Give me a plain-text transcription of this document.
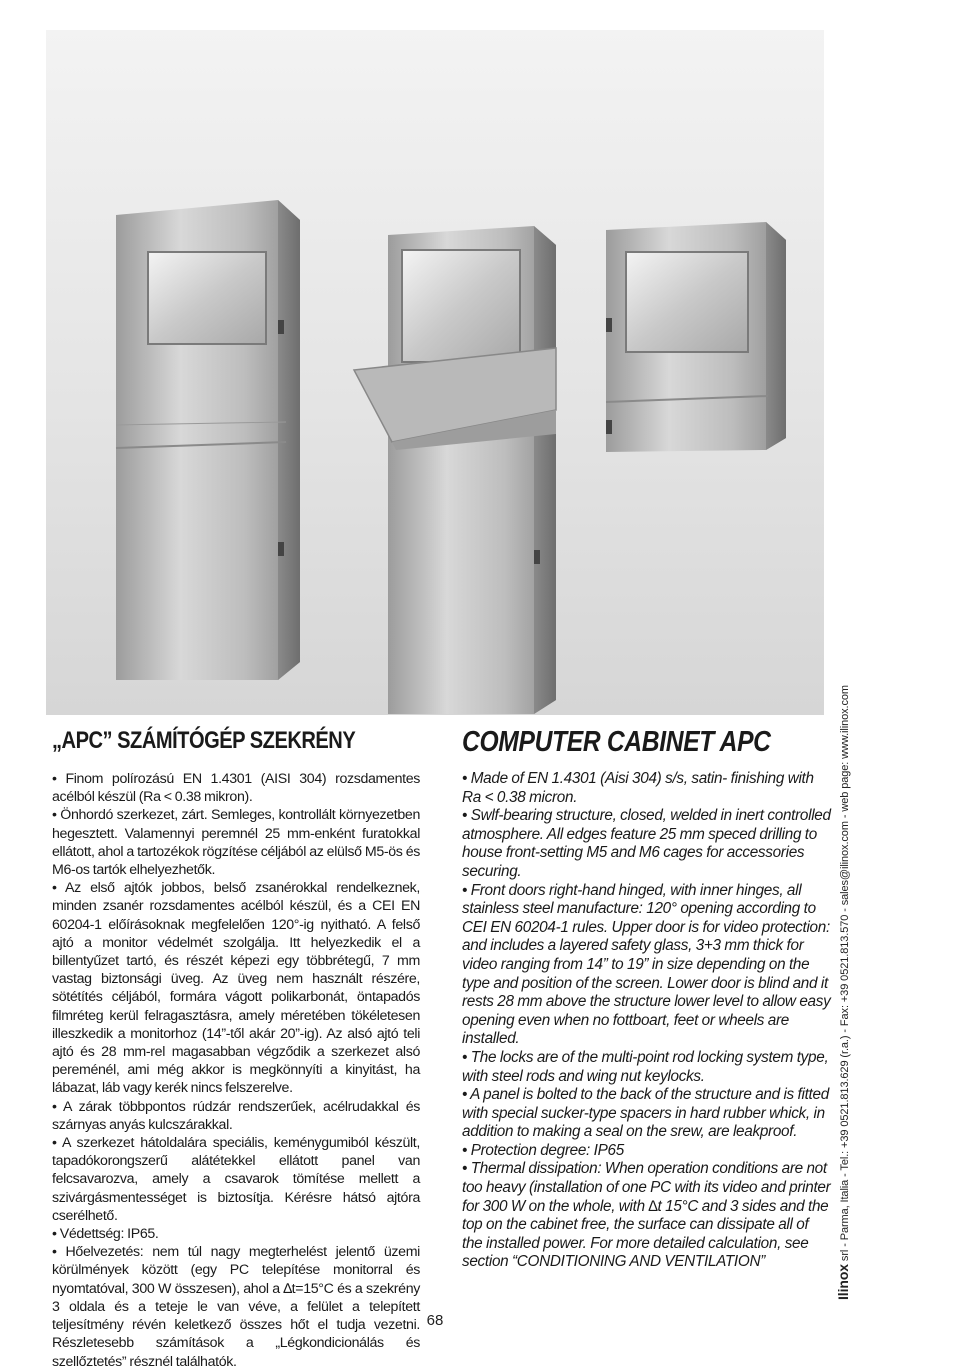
„APC” SZÁMÍTÓGÉP SZEKRÉNY

• Finom polírozású EN 1.4301 (AISI 304) rozsdamentes acélból készül (Ra < 0.38 mikron).

• Önhordó szerkezet, zárt. Semleges, kontrollált környezetben hegesztett. Valamennyi peremnél 25 mm-enként furatokkal ellátott, ahol a tartozékok rögzítése céljából az elülső M5-ös és M6-os tartók elhelyezhetők.

• Az első ajtók jobbos, belső zsanérokkal rendelkeznek, minden zsanér rozsdamentes acélból készül, és a CEI EN 60204-1 előírásoknak megfelelően 120°-ig nyitható. A felső ajtó a monitor védelmét szolgálja. Itt helyezkedik el a billentyűzet tartó, és részét képezi egy többrétegű, 7 mm vastag biztonsági üveg. Az üveg nem használt részére, sötétítés céljából, formára vágott polikarbonát, öntapadós filmréteg kerül felragasztásra, amely méretében tökéletesen illeszkedik a monitorhoz (14”-től akár 20”-ig). Az alsó ajtó teli ajtó és 28 mm-rel magasabban végződik a szerkezet alsó pereménél, ami még akkor is megkönnyíti a kinyitást, ha lábazat, láb vagy kerék nincs felszerelve.

• A zárak többpontos rúdzár rendszerűek, acélrudakkal és szárnyas anyás kulcszárakkal.

• A szerkezet hátoldalára speciális, keménygumiból készült, tapadókorongszerű alátétekkel ellátott panel van felcsavarozva, amely a csavarok tömítése mellett a szivárgásmentességet is biztosítja. Kérésre hátsó ajtóra cserélhető.

• Védettség: IP65.

• Hőelvezetés: nem túl nagy megterhelést jelentő üzemi körülmények között (egy PC telepítése monitorral és nyomtatóval, 300 W összesen), ahol a ∆t=15°C és a szekrény 3 oldala és a teteje le van véve, a felület a telepített teljesítmény révén keletkező összes hőt el tudja vezetni. Részletesebb számítások a „Légkondicionálás és szellőztetés” résznél találhatók.

COMPUTER CABINET APC

• Made of EN 1.4301 (Aisi 304) s/s, satin- finishing with Ra < 0.38 micron.

• Swlf-bearing structure, closed, welded in inert controlled atmosphere. All edges feature 25 mm speced drilling to house front-setting M5 and M6 cages for accessories securing.

• Front doors right-hand hinged, with inner hinges, all stainless steel manufacture: 120° opening according to CEI EN 60204-1 rules. Upper door is for video protection: and includes a layered safety glass, 3+3 mm thick for video ranging from 14” to 19” in size depending on the type and position of the screen. Lower door is blind and it rests 28 mm above the structure lower level to allow easy opening even when no fottboart, feet or wheels are installed.

• The locks are of the multi-point rod locking system type, with steel rods and wing nut keylocks.

• A panel is bolted to the back of the structure and is fitted with special sucker-type spacers in hard rubber whick, in addition to making a seal on the srew, are leakproof.

• Protection degree: IP65

• Thermal dissipation: When operation conditions are not too heavy (installation of one PC with its video and printer for 300 W on the whole, with ∆t 15°C and 3 sides and the top on the cabinet free, the surface can dissipate all of the installed power. For more detailed calculation, see section “CONDITIONING AND VENTILATION”

Ilinox srl - Parma, Italia - Tel.: +39 0521.813.629 (r.a.) - Fax: +39 0521.813.570 - sales@ilinox.com - web page: www.ilinox.com
68
